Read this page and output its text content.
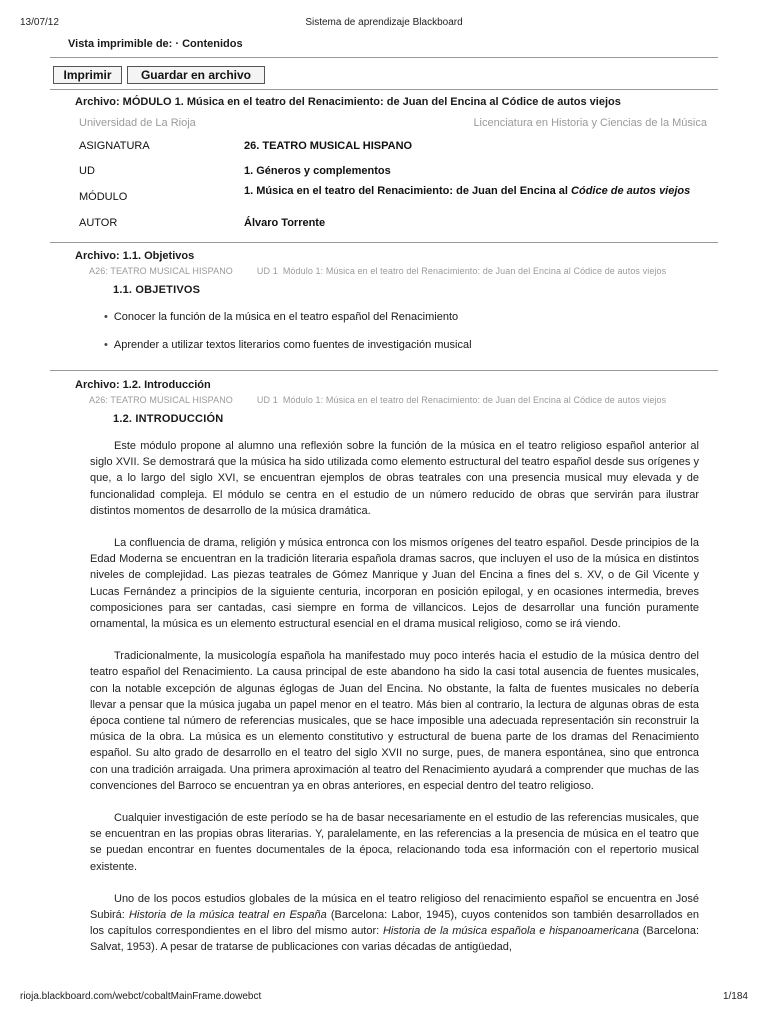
13/07/12	Sistema de aprendizaje Blackboard
Vista imprimible de: · Contenidos
Imprimir	Guardar en archivo
Archivo: MÓDULO 1. Música en el teatro del Renacimiento: de Juan del Encina al Códice de autos viejos
Universidad de La Rioja	Licenciatura en Historia y Ciencias de la Música
ASIGNATURA	26. TEATRO MUSICAL HISPANO
UD	1. Géneros y complementos
MÓDULO	1. Música en el teatro del Renacimiento: de Juan del Encina al Códice de autos viejos
AUTOR	Álvaro Torrente
Archivo: 1.1. Objetivos
A26: TEATRO MUSICAL HISPANO	UD 1 Módulo 1: Música en el teatro del Renacimiento: de Juan del Encina al Códice de autos viejos
1.1. OBJETIVOS
• Conocer la función de la música en el teatro español del Renacimiento
• Aprender a utilizar textos literarios como fuentes de investigación musical
Archivo: 1.2. Introducción
A26: TEATRO MUSICAL HISPANO	UD 1 Módulo 1: Música en el teatro del Renacimiento: de Juan del Encina al Códice de autos viejos
1.2. INTRODUCCIÓN

Este módulo propone al alumno una reflexión sobre la función de la música en el teatro religioso español anterior al siglo XVII. Se demostrará que la música ha sido utilizada como elemento estructural del teatro español desde sus orígenes y que, a lo largo del siglo XVI, se encuentran ejemplos de obras teatrales con una presencia musical muy elevada y de funcionalidad compleja. El módulo se centra en el estudio de un número reducido de obras que servirán para ilustrar distintos momentos de desarrollo de la música dramática.

La confluencia de drama, religión y música entronca con los mismos orígenes del teatro español. Desde principios de la Edad Moderna se encuentran en la tradición literaria española dramas sacros, que incluyen el uso de la música en distintos niveles de complejidad. Las piezas teatrales de Gómez Manrique y Juan del Encina a fines del s. XV, o de Gil Vicente y Lucas Fernández a principios de la siguiente centuria, incorporan en posición epilogal, y en ocasiones intermedia, breves composiciones para ser cantadas, casi siempre en forma de villancicos. Lejos de desarrollar una función puramente ornamental, la música es un elemento estructural esencial en el drama musical religioso, como se irá viendo.

Tradicionalmente, la musicología española ha manifestado muy poco interés hacia el estudio de la música dentro del teatro español del Renacimiento. La causa principal de este abandono ha sido la casi total ausencia de fuentes musicales, con la notable excepción de algunas églogas de Juan del Encina. No obstante, la falta de fuentes musicales no debería llevar a pensar que la música jugaba un papel menor en el teatro. Más bien al contrario, la lectura de algunas obras de esta época contiene tal número de referencias musicales, que se hace imposible una adecuada representación sin reconstruir la música de la obra. La música es un elemento constitutivo y estructural de buena parte de los dramas del Renacimiento español. Su alto grado de desarrollo en el teatro del siglo XVII no surge, pues, de manera espontánea, sino que entronca con una tradición arraigada. Una primera aproximación al teatro del Renacimiento ayudará a comprender que muchas de las convenciones del Barroco se encuentran ya en obras anteriores, en especial dentro del teatro religioso.

Cualquier investigación de este período se ha de basar necesariamente en el estudio de las referencias musicales, que se encuentran en las propias obras literarias. Y, paralelamente, en las referencias a la presencia de música en el teatro que se puedan encontrar en fuentes documentales de la época, relacionando toda esa información con el repertorio musical existente.

Uno de los pocos estudios globales de la música en el teatro religioso del renacimiento español se encuentra en José Subirá: Historia de la música teatral en España (Barcelona: Labor, 1945), cuyos contenidos son también desarrollados en los capítulos correspondientes en el libro del mismo autor: Historia de la música española e hispanoamericana (Barcelona: Salvat, 1953). A pesar de tratarse de publicaciones con varias décadas de antigüedad,

rioja.blackboard.com/webct/cobaltMainFrame.dowebct	1/184
